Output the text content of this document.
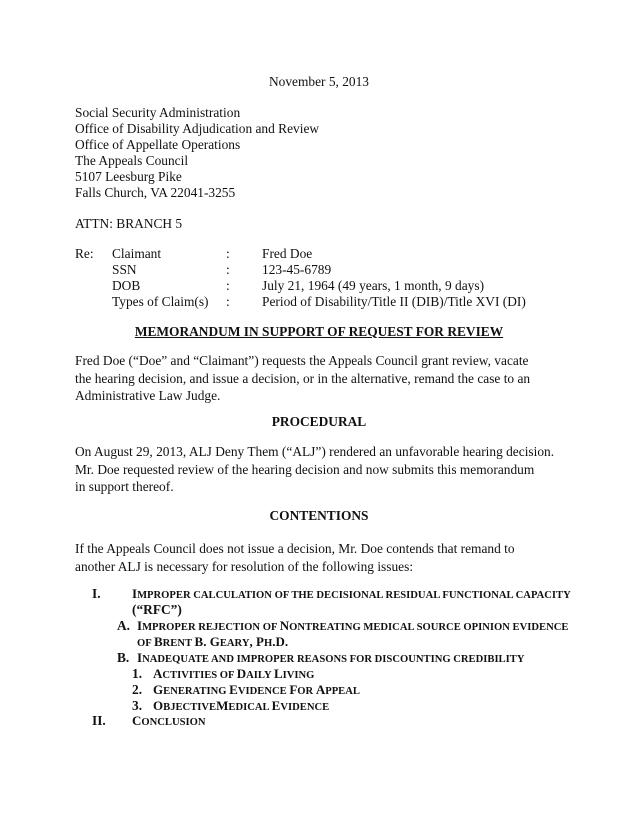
November 5, 2013
Social Security Administration
Office of Disability Adjudication and Review
Office of Appellate Operations
The Appeals Council
5107 Leesburg Pike
Falls Church, VA 22041-3255
ATTN: BRANCH 5
Re: Claimant	: Fred Doe
SSN	: 123-45-6789
DOB	: July 21, 1964 (49 years, 1 month, 9 days)
Types of Claim(s) : Period of Disability/Title II (DIB)/Title XVI (DI)
MEMORANDUM IN SUPPORT OF REQUEST FOR REVIEW
Fred Doe (“Doe” and “Claimant”) requests the Appeals Council grant review, vacate
the hearing decision, and issue a decision, or in the alternative, remand the case to an
Administrative Law Judge.
PROCEDURAL
On August 29, 2013, ALJ Deny Them (“ALJ”) rendered an unfavorable hearing decision.
Mr. Doe requested review of the hearing decision and now submits this memorandum
in support thereof.
CONTENTIONS
If the Appeals Council does not issue a decision, Mr. Doe contends that remand to
another ALJ is necessary for resolution of the following issues:
I. IMPROPER CALCULATION OF THE DECISIONAL RESIDUAL FUNCTIONAL CAPACITY
(“RFC”)
A. IMPROPER REJECTION OF NONTREATING MEDICAL SOURCE OPINION EVIDENCE
OF BRENT B. GEARY, PH.D.
B. INADEQUATE AND IMPROPER REASONS FOR DISCOUNTING CREDIBILITY
1. ACTIVITIES OF DAILY LIVING
2. GENERATING EVIDENCE FOR APPEAL
3. OBJECTIVEMEDICAL EVIDENCE
II. CONCLUSION
